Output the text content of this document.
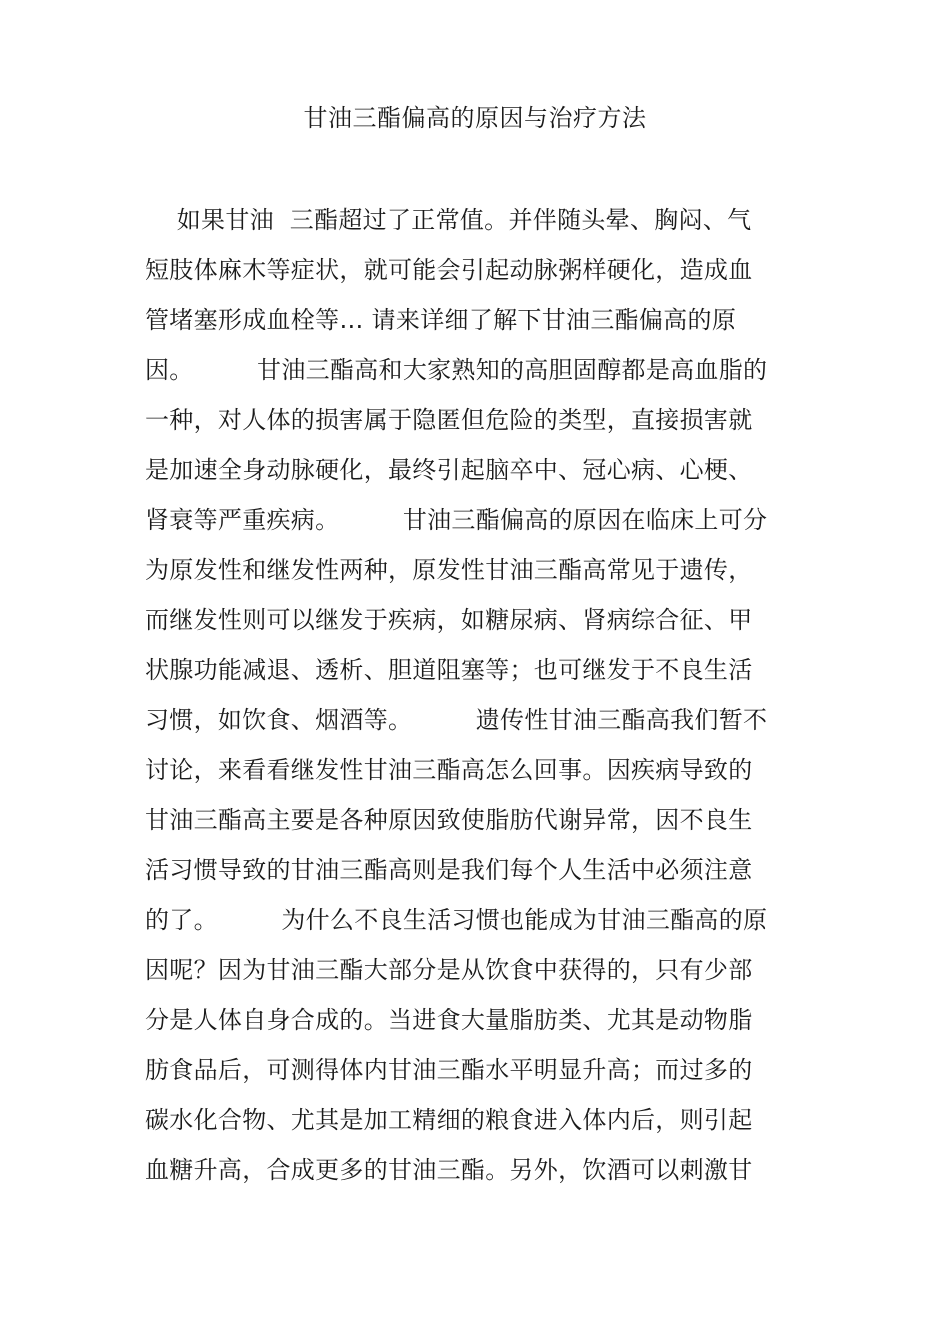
甘油三酯偏高的原因与治疗方法
如果甘油  三酯超过了正常值。并伴随头晕、胸闷、气
短肢体麻木等症状，就可能会引起动脉粥样硬化，造成血
管堵塞形成血栓等… 请来详细了解下甘油三酯偏高的原
因。        甘油三酯高和大家熟知的高胆固醇都是高血脂的
一种，对人体的损害属于隐匿但危险的类型，直接损害就
是加速全身动脉硬化，最终引起脑卒中、冠心病、心梗、
肾衰等严重疾病。        甘油三酯偏高的原因在临床上可分
为原发性和继发性两种，原发性甘油三酯高常见于遗传，
而继发性则可以继发于疾病，如糖尿病、肾病综合征、甲
状腺功能减退、透析、胆道阻塞等；也可继发于不良生活
习惯，如饮食、烟酒等。        遗传性甘油三酯高我们暂不
讨论，来看看继发性甘油三酯高怎么回事。因疾病导致的
甘油三酯高主要是各种原因致使脂肪代谢异常，因不良生
活习惯导致的甘油三酯高则是我们每个人生活中必须注意
的了。        为什么不良生活习惯也能成为甘油三酯高的原
因呢？因为甘油三酯大部分是从饮食中获得的，只有少部
分是人体自身合成的。当进食大量脂肪类、尤其是动物脂
肪食品后，可测得体内甘油三酯水平明显升高；而过多的
碳水化合物、尤其是加工精细的粮食进入体内后，则引起
血糖升高，合成更多的甘油三酯。另外，饮酒可以刺激甘
